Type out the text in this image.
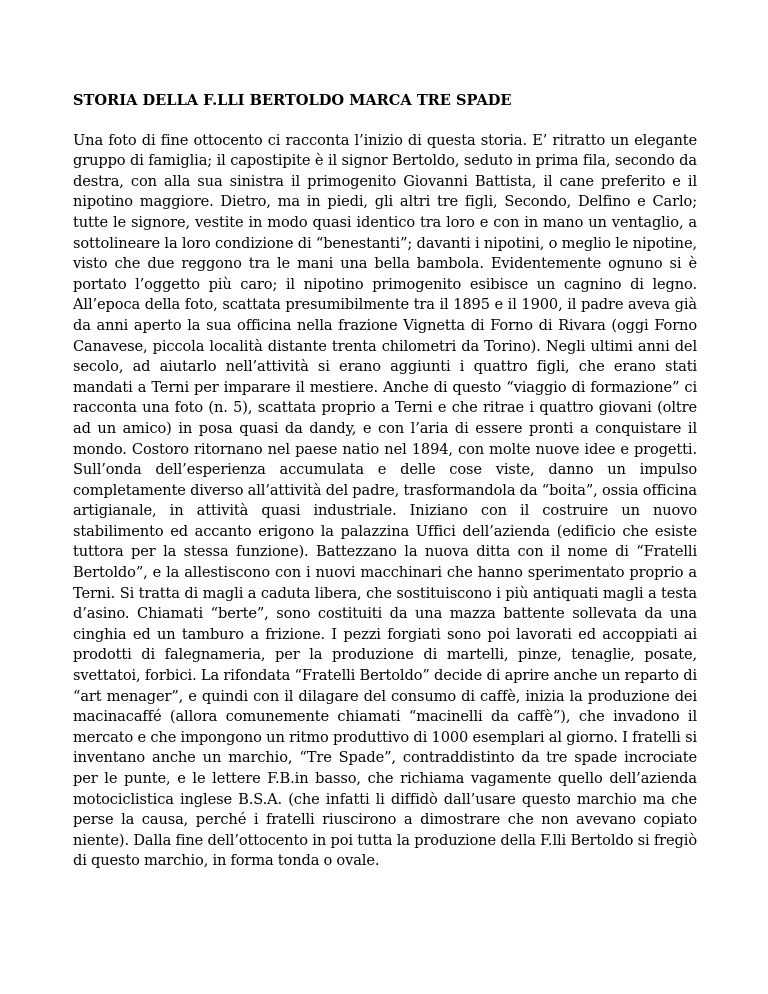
STORIA DELLA F.LLI BERTOLDO MARCA TRE SPADE

Una foto di fine ottocento ci racconta l’inizio di questa storia. E’ ritratto un elegante gruppo di famiglia; il capostipite è il signor Bertoldo, seduto in prima fila, secondo da destra, con alla sua sinistra il primogenito Giovanni Battista, il cane preferito e il nipotino maggiore. Dietro, ma in piedi, gli altri tre figli, Secondo, Delfino e Carlo; tutte le signore, vestite in modo quasi identico tra loro e con in mano un ventaglio, a sottolineare la loro condizione di “benestanti”; davanti i nipotini, o meglio le nipotine, visto che due reggono tra le mani una bella bambola. Evidentemente ognuno si è portato l’oggetto più caro; il nipotino primogenito esibisce un cagnino di legno. All’epoca della foto, scattata presumibilmente tra il 1895 e il 1900, il padre aveva già da anni aperto la sua officina nella frazione Vignetta di Forno di Rivara (oggi Forno Canavese, piccola località distante trenta chilometri da Torino). Negli ultimi anni del secolo, ad aiutarlo nell’attività si erano aggiunti i quattro figli, che erano stati mandati a Terni per imparare il mestiere. Anche di questo “viaggio di formazione” ci racconta una foto (n. 5), scattata proprio a Terni e che ritrae i quattro giovani (oltre ad un amico) in posa quasi da dandy, e con l’aria di essere pronti a conquistare il mondo. Costoro ritornano nel paese natio nel 1894, con molte nuove idee e progetti. Sull’onda dell’esperienza accumulata e delle cose viste, danno un impulso completamente diverso all’attività del padre, trasformandola da “boita”, ossia officina artigianale, in attività quasi industriale. Iniziano con il costruire un nuovo stabilimento ed accanto erigono la palazzina Uffici dell’azienda (edificio che esiste tuttora per la stessa funzione). Battezzano la nuova ditta con il nome di “Fratelli Bertoldo”, e la allestiscono con i nuovi macchinari che hanno sperimentato proprio a Terni. Si tratta di magli a caduta libera, che sostituiscono i più antiquati magli a testa d’asino. Chiamati “berte”, sono costituiti da una mazza battente sollevata da una cinghia ed un tamburo a frizione. I pezzi forgiati sono poi lavorati ed accoppiati ai prodotti di falegnameria, per la produzione di martelli, pinze, tenaglie, posate, svettatoi, forbici. La rifondata “Fratelli Bertoldo” decide di aprire anche un reparto di “art menager”, e quindi con il dilagare del consumo di caffè, inizia la produzione dei macinacaffé (allora comunemente chiamati “macinelli da caffè”), che invadono il mercato e che impongono un ritmo produttivo di 1000 esemplari al giorno. I fratelli si inventano anche un marchio, “Tre Spade”, contraddistinto da tre spade incrociate per le punte, e le lettere F.B.in basso, che richiama vagamente quello dell’azienda motociclistica inglese B.S.A. (che infatti li diffidò dall’usare questo marchio ma che perse la causa, perché i fratelli riuscirono a dimostrare che non avevano copiato niente). Dalla fine dell’ottocento in poi tutta la produzione della F.lli Bertoldo si fregiò di questo marchio, in forma tonda o ovale.
